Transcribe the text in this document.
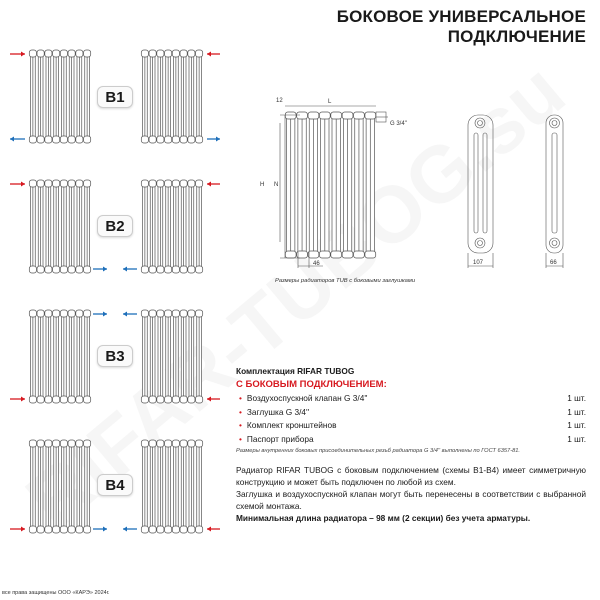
БОКОВОЕ УНИВЕРСАЛЬНОЕ
ПОДКЛЮЧЕНИЕ
B1
B2
B3
B4
12	L
H N
46
G 3/4''
107	66
Размеры радиаторов TUB с боковыми заглушками
Комплектация RIFAR TUBOG
С БОКОВЫМ ПОДКЛЮЧЕНИЕМ:
• Воздухоспускной клапан G 3/4''	1 шт.
• Заглушка G 3/4''	1 шт.
• Комплект кронштейнов	1 шт.
• Паспорт прибора	1 шт.
Размеры внутренних боковых присоединительных резьб радиатора G 3/4'' выполнены по ГОСТ 6357-81.
Радиатор RIFAR TUBOG с боковым подключением (схемы B1-B4) имеет симметричную конструкцию и может быть подключен по любой из схем.
Заглушка и воздухоспускной клапан могут быть перенесены в соответствии с выбранной схемой монтажа.
Минимальная длина радиатора – 98 мм (2 секции) без учета арматуры.
все права защищены ООО «КАРЭ» 2024г.
